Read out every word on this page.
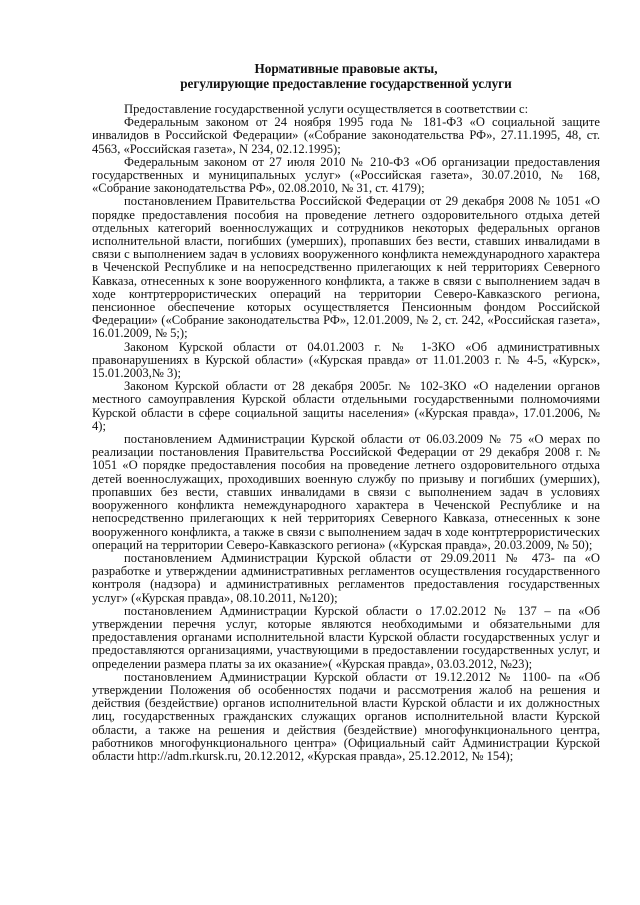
Нормативные правовые акты,
регулирующие предоставление государственной услуги

Предоставление государственной услуги осуществляется в соответствии с:

Федеральным законом от 24 ноября 1995 года № 181-ФЗ «О социальной защите инвалидов в Российской Федерации» («Собрание законодательства РФ», 27.11.1995, 48, ст. 4563, «Российская газета», N 234, 02.12.1995);
Федеральным законом от 27 июля 2010 № 210-ФЗ «Об организации предоставления государственных и муниципальных услуг» («Российская газета», 30.07.2010, № 168, «Собрание законодательства РФ», 02.08.2010, № 31, ст. 4179);
постановлением Правительства Российской Федерации от 29 декабря 2008 № 1051 «О порядке предоставления пособия на проведение летнего оздоровительного отдыха детей отдельных категорий военнослужащих и сотрудников некоторых федеральных органов исполнительной власти, погибших (умерших), пропавших без вести, ставших инвалидами в связи с выполнением задач в условиях вооруженного конфликта немеждународного характера в Чеченской Республике и на непосредственно прилегающих к ней территориях Северного Кавказа, отнесенных к зоне вооруженного конфликта, а также в связи с выполнением задач в ходе контртеррористических операций на территории Северо-Кавказского региона, пенсионное обеспечение которых осуществляется Пенсионным фондом Российской Федерации» («Собрание законодательства РФ», 12.01.2009, № 2, ст. 242, «Российская газета», 16.01.2009, № 5;);
Законом Курской области от 04.01.2003 г. № 1-ЗКО «Об административных правонарушениях в Курской области» («Курская правда» от 11.01.2003 г. № 4-5, «Курск», 15.01.2003,№ 3);
Законом Курской области от 28 декабря 2005г. № 102-ЗКО «О наделении органов местного самоуправления Курской области отдельными государственными полномочиями Курской области в сфере социальной защиты населения» («Курская правда», 17.01.2006, № 4);
постановлением Администрации Курской области от 06.03.2009 № 75 «О мерах по реализации постановления Правительства Российской Федерации от 29 декабря 2008 г. № 1051 «О порядке предоставления пособия на проведение летнего оздоровительного отдыха детей военнослужащих, проходивших военную службу по призыву и погибших (умерших), пропавших без вести, ставших инвалидами в связи с выполнением задач в условиях вооруженного конфликта немеждународного характера в Чеченской Республике и на непосредственно прилегающих к ней территориях Северного Кавказа, отнесенных к зоне вооруженного конфликта, а также в связи с выполнением задач в ходе контртеррористических операций на территории Северо-Кавказского региона» («Курская правда», 20.03.2009, № 50);
постановлением Администрации Курской области от 29.09.2011 № 473- па «О разработке и утверждении административных регламентов осуществления государственного контроля (надзора) и административных регламентов предоставления государственных услуг» («Курская правда», 08.10.2011, №120);
постановлением Администрации Курской области о 17.02.2012 № 137 – па «Об утверждении перечня услуг, которые являются необходимыми и обязательными для предоставления органами исполнительной власти Курской области государственных услуг и предоставляются организациями, участвующими в предоставлении государственных услуг, и определении размера платы за их оказание»( «Курская правда», 03.03.2012, №23);
постановлением Администрации Курской области от 19.12.2012 № 1100- па «Об утверждении Положения об особенностях подачи и рассмотрения жалоб на решения и действия (бездействие) органов исполнительной власти Курской области и их должностных лиц, государственных гражданских служащих органов исполнительной власти Курской области, а также на решения и действия (бездействие) многофункционального центра, работников многофункционального центра» (Официальный сайт Администрации Курской области http://adm.rkursk.ru, 20.12.2012, «Курская правда», 25.12.2012, № 154);
